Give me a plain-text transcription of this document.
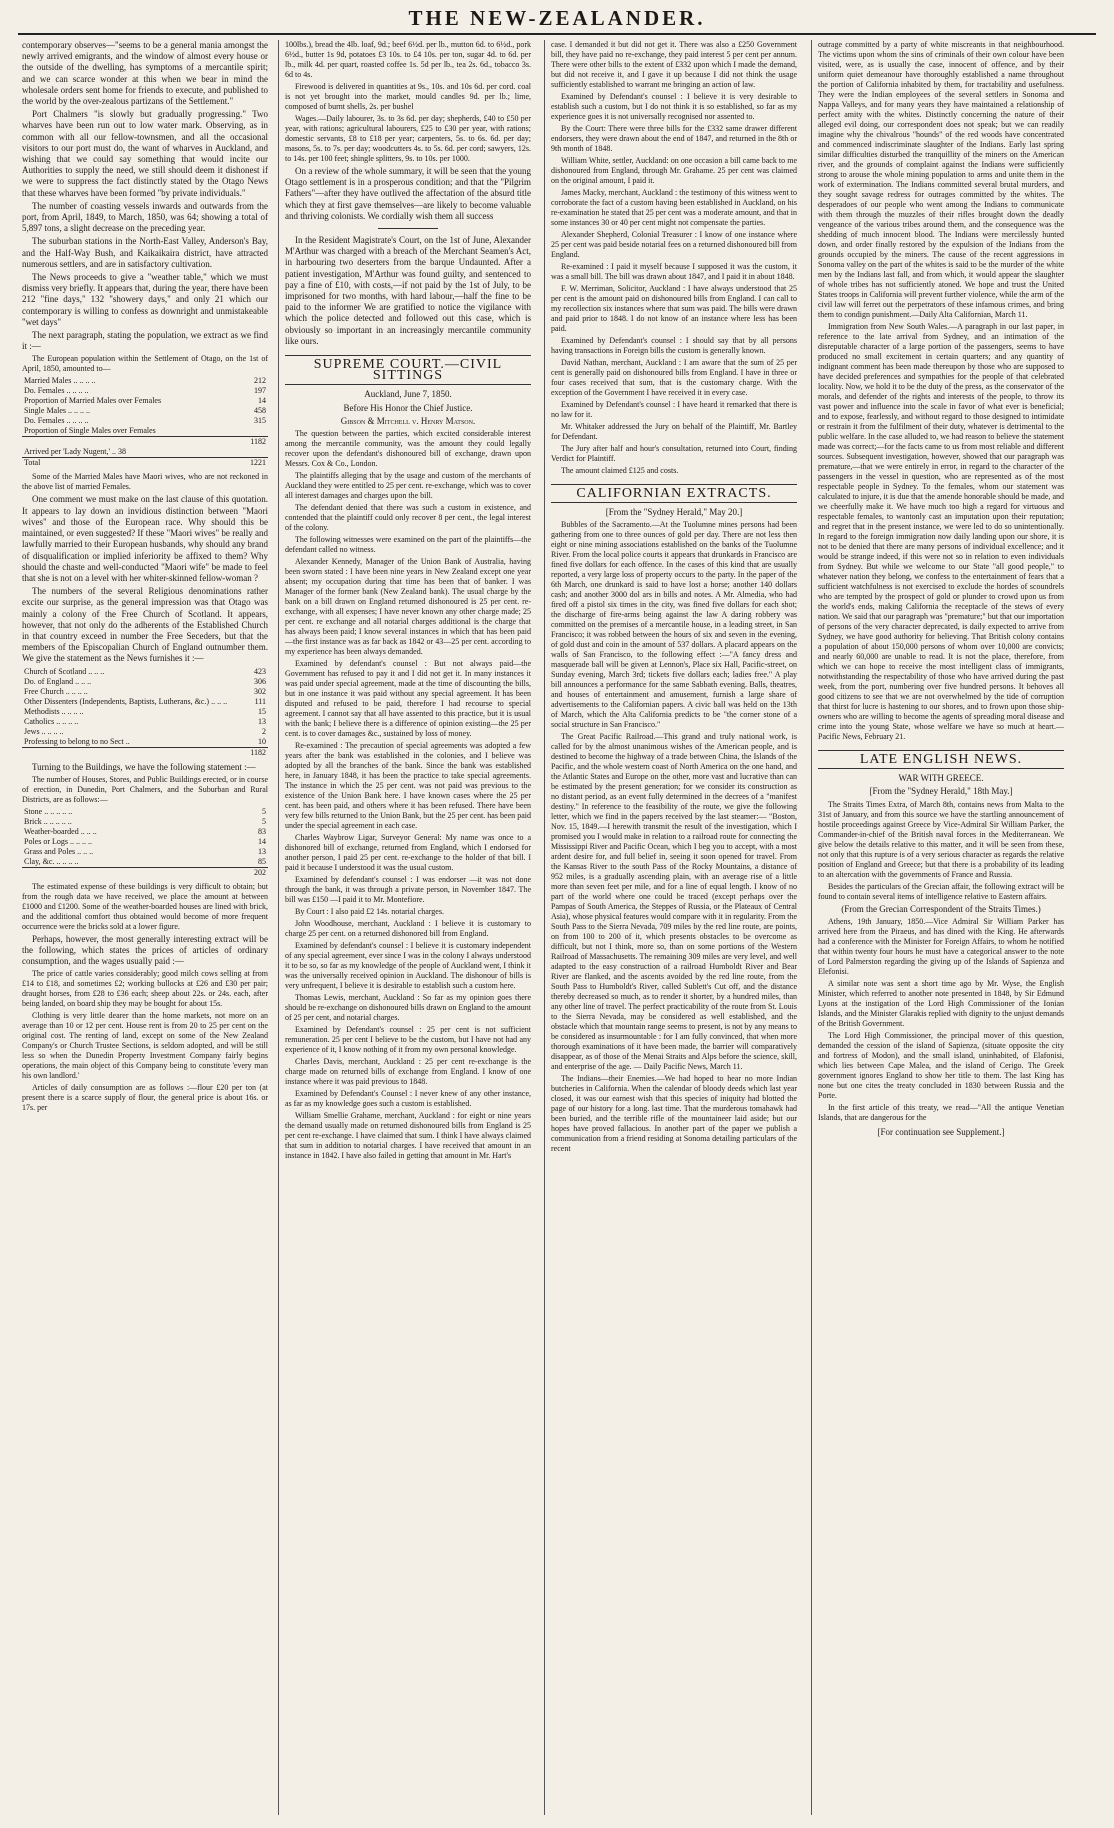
THE NEW-ZEALANDER.

contemporary observes—"seems to be a general mania amongst the newly arrived emigrants, and the window of almost every house or the outside of the dwelling, has symptoms of a mercantile spirit; and we can scarce wonder at this when we bear in mind the wholesale orders sent home for friends to execute, and published to the world by the over-zealous partizans of the Settlement."

Port Chalmers "is slowly but gradually progressing." Two wharves have been run out to low water mark. Observing, as in common with all our fellow-townsmen, and all the occasional visitors to our port must do, the want of wharves in Auckland, and wishing that we could say something that would incite our Authorities to supply the need, we still should deem it dishonest if we were to suppress the fact distinctly stated by the Otago News that these wharves have been formed "by private individuals."

The number of coasting vessels inwards and outwards from the port, from April, 1849, to March, 1850, was 64; showing a total of 5,897 tons, a slight decrease on the preceding year.

The suburban stations in the North-East Valley, Anderson's Bay, and the Half-Way Bush, and Kaikaikaira district, have attracted numerous settlers, and are in satisfactory cultivation.

The News proceeds to give a "weather table," which we must dismiss very briefly. It appears that, during the year, there have been 212 "fine days," 132 "showery days," and only 21 which our contemporary is willing to confess as downright and unmistakeable "wet days"

The next paragraph, stating the population, we extract as we find it :—

The European population within the Settlement of Otago, on the 1st of April, 1850, amounted to—

Married Males .. .. .. ..	212
Do. Females .. .. .. ..	197
Proportion of Married Males over Females	14
Single Males .. .. .. ..	458
Do. Females .. .. .. ..	315
Proportion of Single Males over Females	
	1182
Arrived per 'Lady Nugent,' .. 38	
Total	1221

Some of the Married Males have Maori wives, who are not reckoned in the above list of married Females.

One comment we must make on the last clause of this quotation. It appears to lay down an invidious distinction between "Maori wives" and those of the European race. Why should this be maintained, or even suggested? If these "Maori wives" be really and lawfully married to their European husbands, why should any brand of disqualification or implied inferiority be affixed to them? Why should the chaste and well-conducted "Maori wife" be made to feel that she is not on a level with her whiter-skinned fellow-woman ?

The numbers of the several Religious denominations rather excite our surprise, as the general impression was that Otago was mainly a colony of the Free Church of Scotland. It appears, however, that not only do the adherents of the Established Church in that country exceed in number the Free Seceders, but that the members of the Episcopalian Church of England outnumber them. We give the statement as the News furnishes it :—

Church of Scotland .. .. ..	423
Do. of England .. .. ..	306
Free Church .. .. .. ..	302
Other Dissenters (Independents, Baptists, Lutherans, &c.) .. .. ..	111
Methodists .. .. .. ..	15
Catholics .. .. .. ..	13
Jews .. .. .. ..	2
Professing to belong to no Sect ..	10
	1182

Turning to the Buildings, we have the following statement :—

The number of Houses, Stores, and Public Buildings erected, or in course of erection, in Dunedin, Port Chalmers, and the Suburban and Rural Districts, are as follows:—

Stone .. .. .. .. ..	5
Brick .. .. .. .. ..	5
Weather-boarded .. .. ..	83
Poles or Logs .. .. .. ..	14
Grass and Poles .. .. ..	13
Clay, &c. .. .. .. ..	85
	202

The estimated expense of these buildings is very difficult to obtain; but from the rough data we have received, we place the amount at between £1000 and £1200. Some of the weather-boarded houses are lined with brick, and the additional comfort thus obtained would become of more frequent occurrence were the bricks sold at a lower figure.

Perhaps, however, the most generally interesting extract will be the following, which states the prices of articles of ordinary consumption, and the wages usually paid :—

The price of cattle varies considerably; good milch cows selling at from £14 to £18, and sometimes £2; working bullocks at £26 and £30 per pair; draught horses, from £28 to £36 each; sheep about 22s. or 24s. each, after being landed, on board ship they may be bought for about 15s.

Clothing is very little dearer than the home markets, not more on an average than 10 or 12 per cent. House rent is from 20 to 25 per cent on the original cost. The renting of land, except on some of the New Zealand Company's or Church Trustee Sections, is seldom adopted, and will be still less so when the Dunedin Property Investment Company fairly begins operations, the main object of this Company being to constitute 'every man his own landlord.'

Articles of daily consumption are as follows :—flour £20 per ton (at present there is a scarce supply of flour, the general price is about 16s. or 17s. per

100lbs.), bread the 4lb. loaf, 9d.; beef 6½d. per lb., mutton 6d. to 6½d., pork 6½d., butter 1s 9d, potatoes £3 10s. to £4 10s. per ton, sugar 4d. to 6d. per lb., milk 4d. per quart, roasted coffee 1s. 5d per lb., tea 2s. 6d., tobacco 3s. 6d to 4s.

Firewood is delivered in quantities at 9s., 10s. and 10s 6d. per cord. coal is not yet brought into the market, mould candles 9d. per lb.; lime, composed of burnt shells, 2s. per bushel

Wages.—Daily labourer, 3s. to 3s 6d. per day; shepherds, £40 to £50 per year, with rations; agricultural labourers, £25 to £30 per year, with rations; domestic servants, £8 to £18 per year; carpenters, 5s. to 6s. 6d. per day; masons, 5s. to 7s. per day; woodcutters 4s. to 5s. 6d. per cord; sawyers, 12s. to 14s. per 100 feet; shingle splitters, 9s. to 10s. per 1000.

On a review of the whole summary, it will be seen that the young Otago settlement is in a prosperous condition; and that the "Pilgrim Fathers"—after they have outlived the affectation of the absurd title which they at first gave themselves—are likely to become valuable and thriving colonists. We cordially wish them all success

In the Resident Magistrate's Court, on the 1st of June, Alexander M'Arthur was charged with a breach of the Merchant Seamen's Act, in harbouring two deserters from the barque Undaunted. After a patient investigation, M'Arthur was found guilty, and sentenced to pay a fine of £10, with costs,—if not paid by the 1st of July, to be imprisoned for two months, with hard labour,—half the fine to be paid to the informer We are gratified to notice the vigilance with which the police detected and followed out this case, which is obviously so important in an increasingly mercantile community like ours.

SUPREME COURT.—CIVIL SITTINGS
Auckland, June 7, 1850.
Before His Honor the Chief Justice.
Gibson & Mitchell v. Henry Matson.

The question between the parties, which excited considerable interest among the mercantile community, was the amount they could legally recover upon the defendant's dishonoured bill of exchange, drawn upon Messrs. Cox & Co., London.

The plaintiffs alleging that by the usage and custom of the merchants of Auckland they were entitled to 25 per cent. re-exchange, which was to cover all interest damages and charges upon the bill.

The defendant denied that there was such a custom in existence, and contended that the plaintiff could only recover 8 per cent., the legal interest of the colony.

The following witnesses were examined on the part of the plaintiffs—the defendant called no witness.

Alexander Kennedy, Manager of the Union Bank of Australia, having been sworn stated : I have been nine years in New Zealand except one year absent; my occupation during that time has been that of banker. I was Manager of the former bank (New Zealand bank). The usual charge by the bank on a bill drawn on England returned dishonoured is 25 per cent. re-exchange, with all expenses; I have never known any other charge made; 25 per cent. re exchange and all notarial charges additional is the charge that has always been paid; I know several instances in which that has been paid—the first instance was as far back as 1842 or 43—25 per cent. according to my experience has been always demanded.

Examined by defendant's counsel : But not always paid—the Government has refused to pay it and I did not get it. In many instances it was paid under special agreement, made at the time of discounting the bills, but in one instance it was paid without any special agreement. It has been disputed and refused to be paid, therefore I had recourse to special agreement. I cannot say that all have assented to this practice, but it is usual with the bank; I believe there is a difference of opinion existing—the 25 per cent. is to cover damages &c., sustained by loss of money.

Re-examined : The precaution of special agreements was adopted a few years after the bank was established in the colonies, and I believe was adopted by all the branches of the bank. Since the bank was established here, in January 1848, it has been the practice to take special agreements. The instance in which the 25 per cent. was not paid was previous to the existence of the Union Bank here. I have known cases where the 25 per cent. has been paid, and others where it has been refused. There have been very few bills returned to the Union Bank, but the 25 per cent. has been paid under the special agreement in each case.

Charles Waybrow Ligar, Surveyor General: My name was once to a dishonored bill of exchange, returned from England, which I endorsed for another person, I paid 25 per cent. re-exchange to the holder of that bill. I paid it because I understood it was the usual custom.

Examined by defendant's counsel : I was endorser —it was not done through the bank, it was through a private person, in November 1847. The bill was £150 —I paid it to Mr. Montefiore.

By Court : I also paid £2 14s. notarial charges.

John Woodhouse, merchant, Auckland : I believe it is customary to charge 25 per cent. on a returned dishonored bill from England.

Examined by defendant's counsel : I believe it is customary independent of any special agreement, ever since I was in the colony I always understood it to be so, so far as my knowledge of the people of Auckland went, I think it was the universally received opinion in Auckland. The dishonour of bills is very unfrequent, I believe it is desirable to establish such a custom here.

Thomas Lewis, merchant, Auckland : So far as my opinion goes there should be re-exchange on dishonoured bills drawn on England to the amount of 25 per cent, and notarial charges.

Examined by Defendant's counsel : 25 per cent is not sufficient remuneration. 25 per cent I believe to be the custom, but I have not had any experience of it, I know nothing of it from my own personal knowledge.

Charles Davis, merchant, Auckland : 25 per cent re-exchange is the charge made on returned bills of exchange from England. I know of one instance where it was paid previous to 1848.

Examined by Defendant's Counsel : I never knew of any other instance, as far as my knowledge goes such a custom is established.

William Smellie Grahame, merchant, Auckland : for eight or nine years the demand usually made on returned dishonoured bills from England is 25 per cent re-exchange. I have claimed that sum. I think I have always claimed that sum in addition to notarial charges. I have received that amount in an instance in 1842. I have also failed in getting that amount in Mr. Hart's

case. I demanded it but did not get it. There was also a £250 Government bill, they have paid no re-exchange, they paid interest 5 per cent per annum. There were other bills to the extent of £332 upon which I made the demand, but did not receive it, and I gave it up because I did not think the usage sufficiently established to warrant me bringing an action of law.

Examined by Defendant's counsel : I believe it is very desirable to establish such a custom, but I do not think it is so established, so far as my experience goes it is not universally recognised nor assented to.

By the Court: There were three bills for the £332 same drawer different endorsers, they were drawn about the end of 1847, and returned in the 8th or 9th month of 1848.

William White, settler, Auckland: on one occasion a bill came back to me dishonoured from England, through Mr. Grahame. 25 per cent was claimed on the original amount, I paid it.

James Macky, merchant, Auckland : the testimony of this witness went to corroborate the fact of a custom having been established in Auckland, on his re-examination he stated that 25 per cent was a moderate amount, and that in some instances 30 or 40 per cent might not compensate the parties.

Alexander Shepherd, Colonial Treasurer : I know of one instance where 25 per cent was paid beside notarial fees on a returned dishonoured bill from England.

Re-examined : I paid it myself because I supposed it was the custom, it was a small bill. The bill was drawn about 1847, and I paid it in about 1848.

F. W. Merriman, Solicitor, Auckland : I have always understood that 25 per cent is the amount paid on dishonoured bills from England. I can call to my recollection six instances where that sum was paid. The bills were drawn and paid prior to 1848. I do not know of an instance where less has been paid.

Examined by Defendant's counsel : I should say that by all persons having transactions in Foreign bills the custom is generally known.

David Nathan, merchant, Auckland : I am aware that the sum of 25 per cent is generally paid on dishonoured bills from England. I have in three or four cases received that sum, that is the customary charge. With the exception of the Government I have received it in every case.

Examined by Defendant's counsel : I have heard it remarked that there is no law for it.

Mr. Whitaker addressed the Jury on behalf of the Plaintiff, Mr. Bartley for Defendant.

The Jury after half and hour's consultation, returned into Court, finding Verdict for Plaintiff.

The amount claimed £125 and costs.

CALIFORNIAN EXTRACTS.
[From the "Sydney Herald," May 20.]

Bubbles of the Sacramento.—At the Tuolumne mines persons had been gathering from one to three ounces of gold per day. There are not less then eight or nine mining associations established on the banks of the Tuolumne River. From the local police courts it appears that drunkards in Francisco are fined five dollars for each offence. In the cases of this kind that are usually reported, a very large loss of property occurs to the party. In the paper of the 6th March, one drunkard is said to have lost a horse; another 140 dollars cash; and another 3000 dol ars in bills and notes. A Mr. Almedia, who had fired off a pistol six times in the city, was fined five dollars for each shot; the discharge of fire-arms being against the law A daring robbery was committed on the premises of a mercantile house, in a leading street, in San Francisco; it was robbed between the hours of six and seven in the evening, of gold dust and coin in the amount of 537 dollars. A placard appears on the walls of San Francisco, to the following effect :—"A fancy dress and masquerade ball will be given at Lennon's, Place six Hall, Pacific-street, on Sunday evening, March 3rd; tickets five dollars each; ladies free." A play bill announces a performance for the same Sabbath evening. Balls, theatres, and houses of entertainment and amusement, furnish a large share of advertisements to the Californian papers. A civic ball was held on the 13th of March, which the Alta California predicts to be "the corner stone of a social structure in San Francisco."

The Great Pacific Railroad.—This grand and truly national work, is called for by the almost unanimous wishes of the American people, and is destined to become the highway of a trade between China, the Islands of the Pacific, and the whole western coast of North America on the one hand, and the Atlantic States and Europe on the other, more vast and lucrative than can be estimated by the present generation; for we consider its construction as no distant period, as an event fully determined in the decrees of a "manifest destiny." In reference to the feasibility of the route, we give the following letter, which we find in the papers received by the last steamer:— "Boston, Nov. 15, 1849.—I herewith transmit the result of the investigation, which I promised you I would make in relation to a railroad route for connecting the Mississippi River and Pacific Ocean, which I beg you to accept, with a most ardent desire for, and full belief in, seeing it soon opened for travel. From the Kansas River to the south Pass of the Rocky Mountains, a distance of 952 miles, is a gradually ascending plain, with an average rise of a little more than seven feet per mile, and for a line of equal length. I know of no part of the world where one could be traced (except perhaps over the Pampas of South America, the Steppes of Russia, or the Plateaux of Central Asia), whose physical features would compare with it in regularity. From the South Pass to the Sierra Nevada, 709 miles by the red line route, are points, on from 100 to 200 of it, which presents obstacles to be overcome as difficult, but not I think, more so, than on some portions of the Western Railroad of Massachusetts. The remaining 309 miles are very level, and well adapted to the easy construction of a railroad Humboldt River and Bear River are flanked, and the ascents avoided by the red line route, from the South Pass to Humboldt's River, called Sublett's Cut off, and the distance thereby decreased so much, as to render it shorter, by a hundred miles, than any other line of travel. The perfect practicability of the route from St. Louis to the Sierra Nevada, may be considered as well established, and the obstacle which that mountain range seems to present, is not by any means to be considered as insurmountable : for I am fully convinced, that when more thorough examinations of it have been made, the barrier will comparatively disappear, as of those of the Menai Straits and Alps before the science, skill, and enterprise of the age. — Daily Pacific News, March 11.

The Indians—their Enemies.—We had hoped to hear no more Indian butcheries in California. When the calendar of bloody deeds which last year closed, it was our earnest wish that this species of iniquity had blotted the page of our history for a long. last time. That the murderous tomahawk had been buried, and the terrible rifle of the mountaineer laid aside; but our hopes have proved fallacious. In another part of the paper we publish a communication from a friend residing at Sonoma detailing particulars of the recent

outrage committed by a party of white miscreants in that neighbourhood. The victims upon whom the sins of criminals of their own colour have been visited, were, as is usually the case, innocent of offence, and by their uniform quiet demeanour have thoroughly established a name throughout the portion of California inhabited by them, for tractability and usefulness. They were the Indian employees of the several settlers in Sonoma and Nappa Valleys, and for many years they have maintained a relationship of perfect amity with the whites. Distinctly concerning the nature of their alleged evil doing, our correspondent does not speak; but we can readily imagine why the chivalrous "hounds" of the red woods have concentrated and commenced indiscriminate slaughter of the Indians. Early last spring similar difficulties disturbed the tranquillity of the miners on the American river, and the grounds of complaint against the Indians were sufficiently strong to arouse the whole mining population to arms and unite them in the work of extermination. The Indians committed several brutal murders, and they sought savage redress for outrages committed by the whites. The desperadoes of our people who went among the Indians to communicate with them through the muzzles of their rifles brought down the deadly vengeance of the various tribes around them, and the consequence was the shedding of much innocent blood. The Indians were mercilessly hunted down, and order finally restored by the expulsion of the Indians from the grounds occupied by the miners. The cause of the recent aggressions in Sonoma valley on the part of the whites is said to be the murder of the white men by the Indians last fall, and from which, it would appear the slaughter of whole tribes has not sufficiently atoned. We hope and trust the United States troops in California will prevent further violence, while the arm of the civil law will ferret out the perpetrators of these infamous crimes, and bring them to condign punishment.—Daily Alta Californian, March 11.

Immigration from New South Wales.—A paragraph in our last paper, in reference to the late arrival from Sydney, and an intimation of the disreputable character of a large portion of the passengers, seems to have produced no small excitement in certain quarters; and any quantity of indignant comment has been made thereupon by those who are supposed to have decided preferences and sympathies for the people of that celebrated locality. Now, we hold it to be the duty of the press, as the conservator of the morals, and defender of the rights and interests of the people, to throw its vast power and influence into the scale in favor of what ever is beneficial; and to expose, fearlessly, and without regard to those designed to intimidate or restrain it from the fulfilment of their duty, whatever is detrimental to the public welfare. In the case alluded to, we had reason to believe the statement made was correct;—for the facts came to us from most reliable and different sources. Subsequent investigation, however, showed that our paragraph was premature,—that we were entirely in error, in regard to the character of the passengers in the vessel in question, who are represented as of the most respectable people in Sydney. To the females, whom our statement was calculated to injure, it is due that the amende honorable should be made, and we cheerfully make it. We have much too high a regard for virtuous and respectable females, to wantonly cast an imputation upon their reputation; and regret that in the present instance, we were led to do so unintentionally. In regard to the foreign immigration now daily landing upon our shore, it is not to be denied that there are many persons of individual excellence; and it would be strange indeed, if this were not so in relation to even individuals from Sydney. But while we welcome to our State "all good people," to whatever nation they belong, we confess to the entertainment of fears that a sufficient watchfulness is not exercised to exclude the hordes of scoundrels who are tempted by the prospect of gold or plunder to crowd upon us from the world's ends, making California the receptacle of the stews of every nation. We said that our paragraph was "premature;" but that our importation of persons of the very character deprecated, is daily expected to arrive from Sydney, we have good authority for believing. That British colony contains a population of about 150,000 persons of whom over 10,000 are convicts; and nearly 60,000 are unable to read. It is not the place, therefore, from which we can hope to receive the most intelligent class of immigrants, notwithstanding the respectability of those who have arrived during the past week, from the port, numbering over five hundred persons. It behoves all good citizens to see that we are not overwhelmed by the tide of corruption that thirst for lucre is hastening to our shores, and to frown upon those ship-owners who are willing to become the agents of spreading moral disease and crime into the young State, whose welfare we have so much at heart.—Pacific News, February 21.

LATE ENGLISH NEWS.
WAR WITH GREECE.
[From the "Sydney Herald," 18th May.]

The Straits Times Extra, of March 8th, contains news from Malta to the 31st of January, and from this source we have the startling announcement of hostile proceedings against Greece by Vice-Admiral Sir William Parker, the Commander-in-chief of the British naval forces in the Mediterranean. We give below the details relative to this matter, and it will be seen from these, not only that this rupture is of a very serious character as regards the relative position of England and Greece; but that there is a probability of its leading to an altercation with the governments of France and Russia.

Besides the particulars of the Grecian affair, the following extract will be found to contain several items of intelligence relative to Eastern affairs.

(From the Grecian Correspondent of the Straits Times.)

Athens, 19th January, 1850.—Vice Admiral Sir William Parker has arrived here from the Piraeus, and has dined with the King. He afterwards had a conference with the Minister for Foreign Affairs, to whom he notified that within twenty four hours he must have a categorical answer to the note of Lord Palmerston regarding the giving up of the Islands of Sapienza and Elefonisi.

A similar note was sent a short time ago by Mr. Wyse, the English Minister, which referred to another note presented in 1848, by Sir Edmund Lyons at the instigation of the Lord High Commissioner of the Ionian Islands, and the Minister Glarakis replied with dignity to the unjust demands of the British Government.

The Lord High Commissioner, the principal mover of this question, demanded the cession of the island of Sapienza, (situate opposite the city and fortress of Modon), and the small island, uninhabited, of Elafonisi, which lies between Cape Malea, and the island of Cerigo. The Greek government ignores England to show her title to them. The last King has none but one cites the treaty concluded in 1830 between Russia and the Porte.

In the first article of this treaty, we read—"All the antique Venetian Islands, that are dangerous for the

[For continuation see Supplement.]
